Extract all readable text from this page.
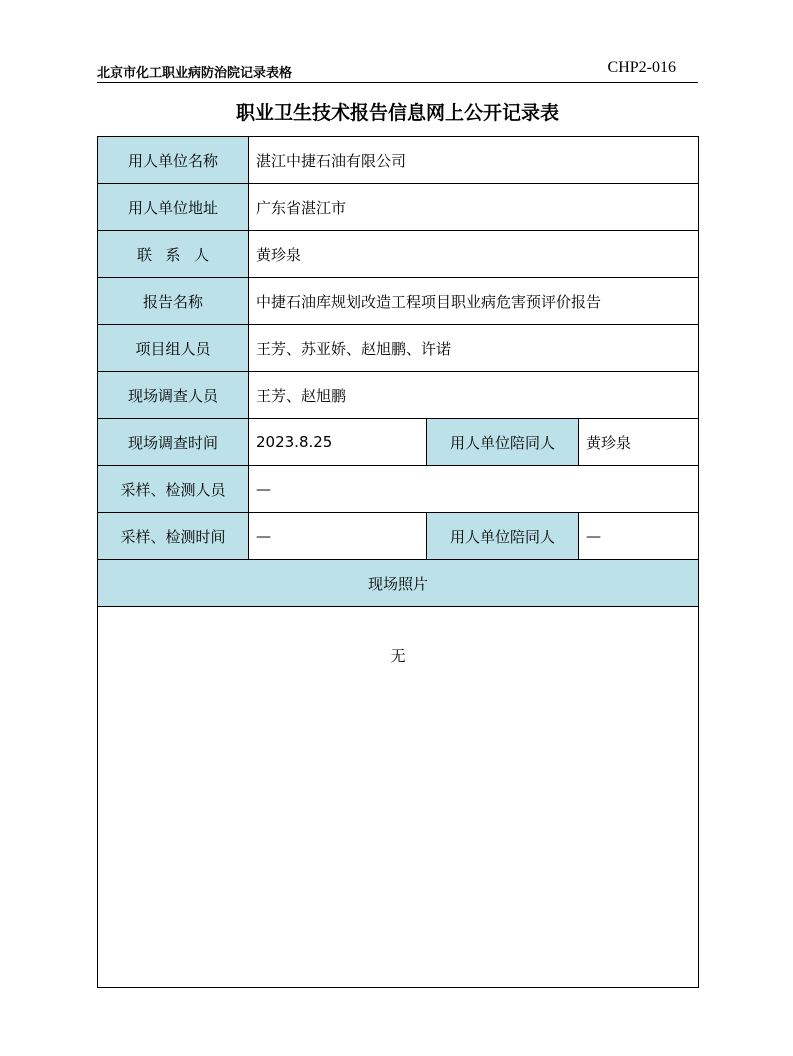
北京市化工职业病防治院记录表格	CHP2-016
职业卫生技术报告信息网上公开记录表
用人单位名称	湛江中捷石油有限公司		
用人单位地址	广东省湛江市		
联系人	黄珍泉		
报告名称	中捷石油库规划改造工程项目职业病危害预评价报告		
项目组人员	王芳、苏亚娇、赵旭鹏、许诺		
现场调查人员	王芳、赵旭鹏		
现场调查时间	2023.8.25	用人单位陪同人	黄珍泉
采样、检测人员	—		
采样、检测时间	—	用人单位陪同人	—
现场照片			
无			
